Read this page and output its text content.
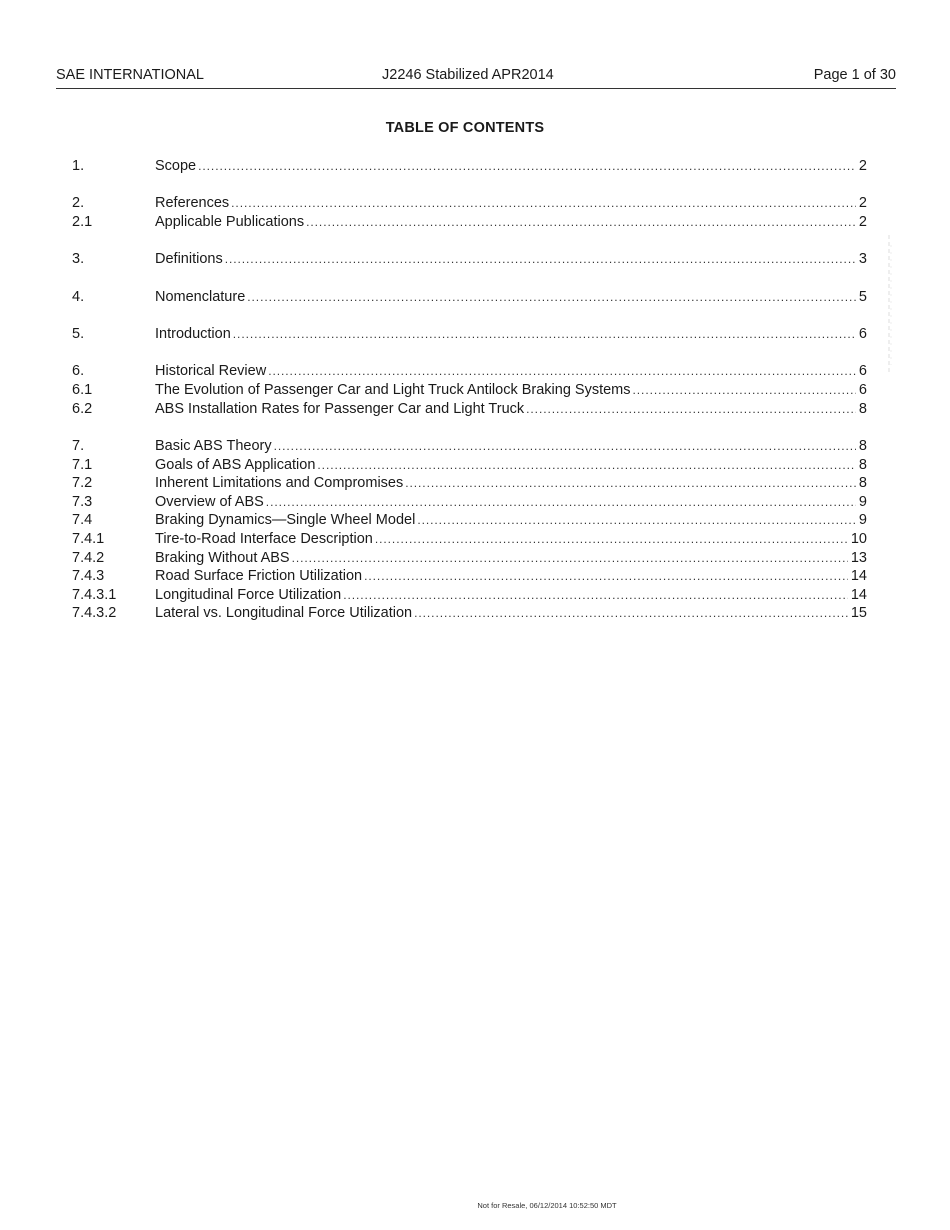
SAE INTERNATIONAL	J2246 Stabilized APR2014	Page 1 of 30
TABLE OF CONTENTS
1.	Scope . . .	2
2.	References . . .	2
2.1	Applicable Publications . . .	2
3.	Definitions . . .	3
4.	Nomenclature . . .	5
5.	Introduction . . .	6
6.	Historical Review . . .	6
6.1	The Evolution of Passenger Car and Light Truck Antilock Braking Systems . . .	6
6.2	ABS Installation Rates for Passenger Car and Light Truck . . .	8
7.	Basic ABS Theory . . .	8
7.1	Goals of ABS Application . . .	8
7.2	Inherent Limitations and Compromises . . .	8
7.3	Overview of ABS . . .	9
7.4	Braking Dynamics—Single Wheel Model . . .	9
7.4.1	Tire-to-Road Interface Description . . .	10
7.4.2	Braking Without ABS . . .	13
7.4.3	Road Surface Friction Utilization . . .	14
7.4.3.1	Longitudinal Force Utilization . . .	14
7.4.3.2	Lateral vs. Longitudinal Force Utilization . . .	15
Not for Resale, 06/12/2014 10:52:50 MDT
